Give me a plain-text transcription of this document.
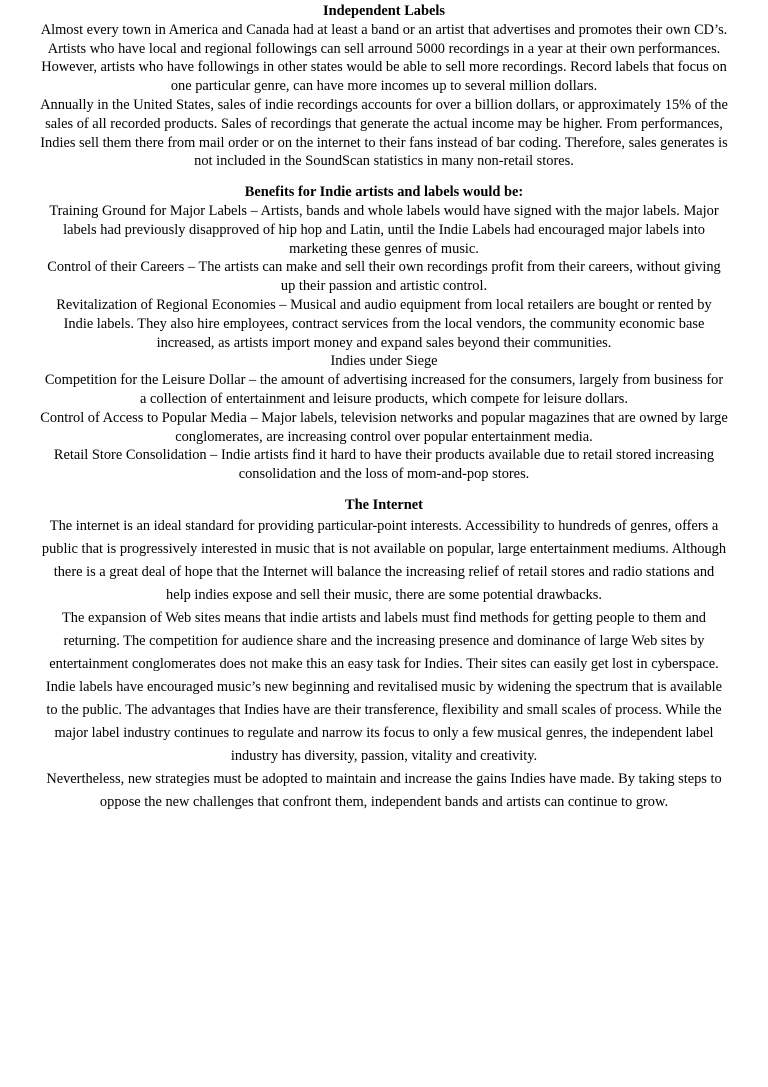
Independent Labels

Almost every town in America and Canada had at least a band or an artist that advertises and promotes their own CD’s. Artists who have local and regional followings can sell arround 5000 recordings in a year at their own performances. However, artists who have followings in other states would be able to sell more recordings. Record labels that focus on one particular genre, can have more incomes up to several million dollars.

Annually in the United States, sales of indie recordings accounts for over a billion dollars, or approximately 15% of the sales of all recorded products. Sales of recordings that generate the actual income may be higher. From performances, Indies sell them there from mail order or on the internet to their fans instead of bar coding. Therefore, sales generates is not included in the SoundScan statistics in many non-retail stores.

Benefits for Indie artists and labels would be:

Training Ground for Major Labels – Artists, bands and whole labels would have signed with the major labels. Major labels had previously disapproved of hip hop and Latin, until the Indie Labels had encouraged major labels into marketing these genres of music.

Control of their Careers – The artists can make and sell their own recordings profit from their careers, without giving up their passion and artistic control.

Revitalization of Regional Economies – Musical and audio equipment from local retailers are bought or rented by Indie labels. They also hire employees, contract services from the local vendors, the community economic base increased, as artists import money and expand sales beyond their communities.

Indies under Siege

Competition for the Leisure Dollar – the amount of advertising increased for the consumers, largely from business for a collection of entertainment and leisure products, which compete for leisure dollars.

Control of Access to Popular Media – Major labels, television networks and popular magazines that are owned by large conglomerates, are increasing control over popular entertainment media.

Retail Store Consolidation – Indie artists find it hard to have their products available due to retail stored increasing consolidation and the loss of mom-and-pop stores.

The Internet

The internet is an ideal standard for providing particular-point interests. Accessibility to hundreds of genres, offers a public that is progressively interested in music that is not available on popular, large entertainment mediums. Although there is a great deal of hope that the Internet will balance the increasing relief of retail stores and radio stations and help indies expose and sell their music, there are some potential drawbacks.

The expansion of Web sites means that indie artists and labels must find methods for getting people to them and returning. The competition for audience share and the increasing presence and dominance of large Web sites by entertainment conglomerates does not make this an easy task for Indies. Their sites can easily get lost in cyberspace.

Indie labels have encouraged music’s new beginning and revitalised music by widening the spectrum that is available to the public. The advantages that Indies have are their transference, flexibility and small scales of process. While the major label industry continues to regulate and narrow its focus to only a few musical genres, the independent label industry has diversity, passion, vitality and creativity.

Nevertheless, new strategies must be adopted to maintain and increase the gains Indies have made. By taking steps to oppose the new challenges that confront them, independent bands and artists can continue to grow.
